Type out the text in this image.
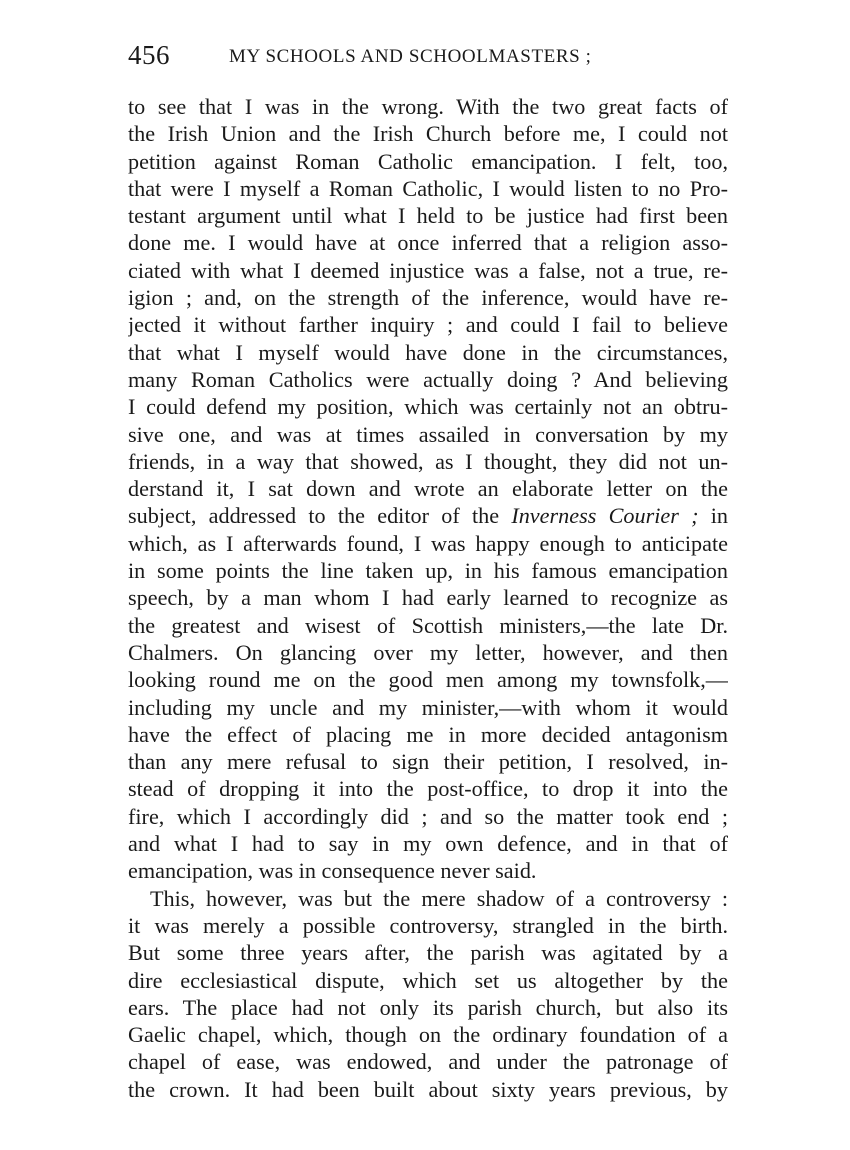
456	MY SCHOOLS AND SCHOOLMASTERS ;
to see that I was in the wrong. With the two great facts of
the Irish Union and the Irish Church before me, I could not
petition against Roman Catholic emancipation. I felt, too,
that were I myself a Roman Catholic, I would listen to no Pro-
testant argument until what I held to be justice had first been
done me. I would have at once inferred that a religion asso-
ciated with what I deemed injustice was a false, not a true, re-
igion ; and, on the strength of the inference, would have re-
jected it without farther inquiry ; and could I fail to believe
that what I myself would have done in the circumstances,
many Roman Catholics were actually doing ? And believing
I could defend my position, which was certainly not an obtru-
sive one, and was at times assailed in conversation by my
friends, in a way that showed, as I thought, they did not un-
derstand it, I sat down and wrote an elaborate letter on the
subject, addressed to the editor of the Inverness Courier ; in
which, as I afterwards found, I was happy enough to anticipate
in some points the line taken up, in his famous emancipation
speech, by a man whom I had early learned to recognize as
the greatest and wisest of Scottish ministers,—the late Dr.
Chalmers. On glancing over my letter, however, and then
looking round me on the good men among my townsfolk,—
including my uncle and my minister,—with whom it would
have the effect of placing me in more decided antagonism
than any mere refusal to sign their petition, I resolved, in-
stead of dropping it into the post-office, to drop it into the
fire, which I accordingly did ; and so the matter took end ;
and what I had to say in my own defence, and in that of
emancipation, was in consequence never said.
This, however, was but the mere shadow of a controversy :
it was merely a possible controversy, strangled in the birth.
But some three years after, the parish was agitated by a
dire ecclesiastical dispute, which set us altogether by the
ears. The place had not only its parish church, but also its
Gaelic chapel, which, though on the ordinary foundation of a
chapel of ease, was endowed, and under the patronage of
the crown. It had been built about sixty years previous, by
